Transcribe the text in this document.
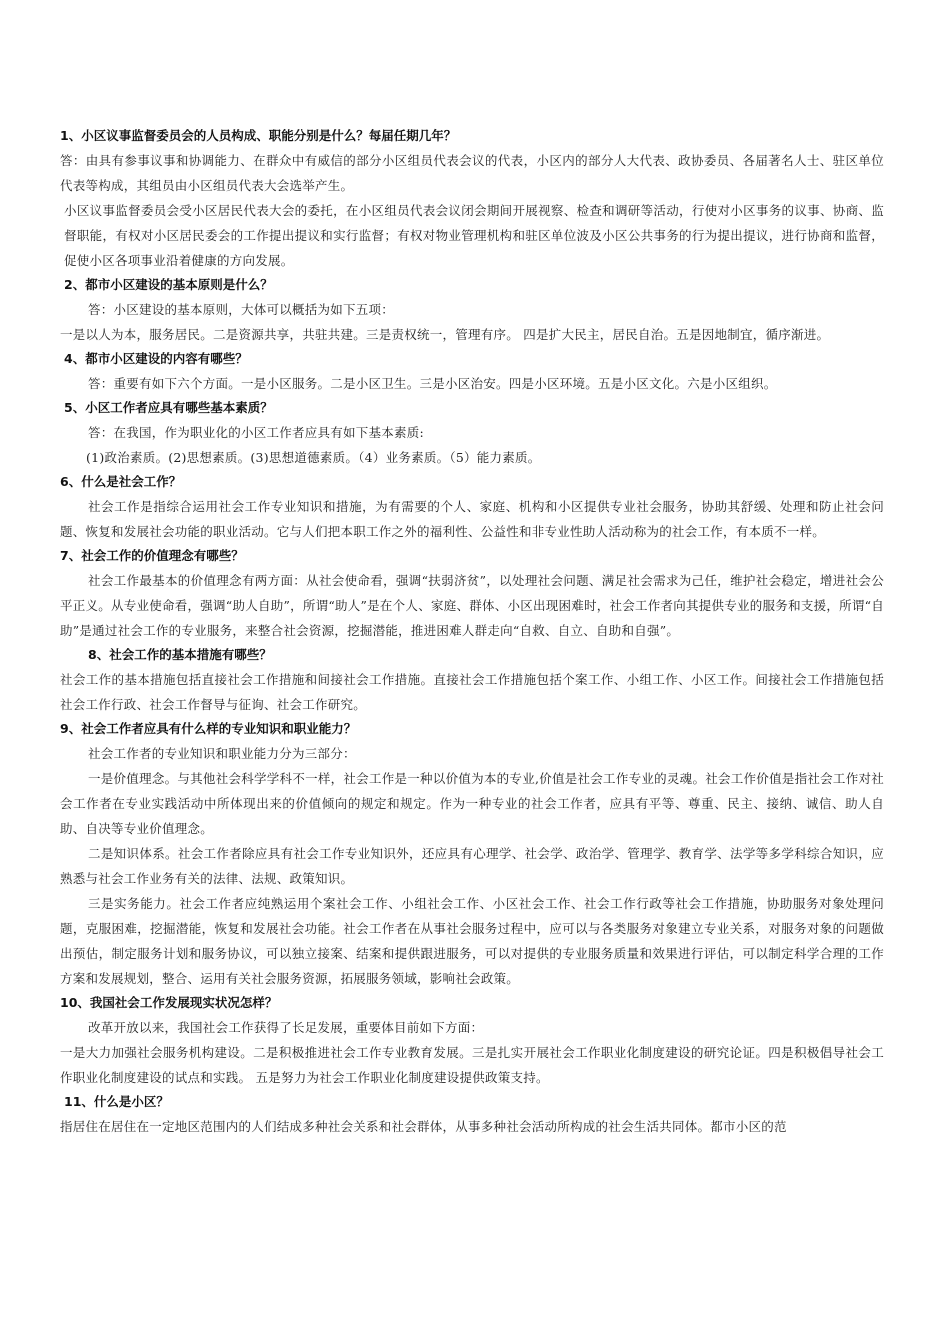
1、小区议事监督委员会的人员构成、职能分别是什么？每届任期几年？
答：由具有参事议事和协调能力、在群众中有威信的部分小区组员代表会议的代表，小区内的部分人大代表、政协委员、各届著名人士、驻区单位代表等构成，其组员由小区组员代表大会选举产生。
小区议事监督委员会受小区居民代表大会的委托，在小区组员代表会议闭会期间开展视察、检查和调研等活动，行使对小区事务的议事、协商、监督职能，有权对小区居民委会的工作提出提议和实行监督；有权对物业管理机构和驻区单位波及小区公共事务的行为提出提议，进行协商和监督，促使小区各项事业沿着健康的方向发展。
2、都市小区建设的基本原则是什么？
答：小区建设的基本原则，大体可以概括为如下五项：
一是以人为本，服务居民。二是资源共享，共驻共建。三是责权统一，管理有序。 四是扩大民主，居民自治。五是因地制宜，循序渐进。
4、都市小区建设的内容有哪些？
答：重要有如下六个方面。一是小区服务。二是小区卫生。三是小区治安。四是小区环境。五是小区文化。六是小区组织。
5、小区工作者应具有哪些基本素质？
答：在我国，作为职业化的小区工作者应具有如下基本素质:
(1)政治素质。(2)思想素质。(3)思想道德素质。（4）业务素质。（5）能力素质。
6、什么是社会工作？
社会工作是指综合运用社会工作专业知识和措施，为有需要的个人、家庭、机构和小区提供专业社会服务，协助其舒缓、处理和防止社会问题、恢复和发展社会功能的职业活动。它与人们把本职工作之外的福利性、公益性和非专业性助人活动称为的社会工作，有本质不一样。
7、社会工作的价值理念有哪些？
社会工作最基本的价值理念有两方面：从社会使命看，强调“扶弱济贫”，以处理社会问题、满足社会需求为己任，维护社会稳定，增进社会公平正义。从专业使命看，强调“助人自助”，所谓“助人”是在个人、家庭、群体、小区出现困难时，社会工作者向其提供专业的服务和支援，所谓“自助”是通过社会工作的专业服务，来整合社会资源，挖掘潜能，推进困难人群走向“自救、自立、自助和自强”。
8、社会工作的基本措施有哪些？
社会工作的基本措施包括直接社会工作措施和间接社会工作措施。直接社会工作措施包括个案工作、小组工作、小区工作。间接社会工作措施包括社会工作行政、社会工作督导与征询、社会工作研究。
9、社会工作者应具有什么样的专业知识和职业能力？
社会工作者的专业知识和职业能力分为三部分：
一是价值理念。与其他社会科学学科不一样，社会工作是一种以价值为本的专业,价值是社会工作专业的灵魂。社会工作价值是指社会工作对社会工作者在专业实践活动中所体现出来的价值倾向的规定和规定。作为一种专业的社会工作者，应具有平等、尊重、民主、接纳、诚信、助人自助、自决等专业价值理念。
二是知识体系。社会工作者除应具有社会工作专业知识外，还应具有心理学、社会学、政治学、管理学、教育学、法学等多学科综合知识，应熟悉与社会工作业务有关的法律、法规、政策知识。
三是实务能力。社会工作者应纯熟运用个案社会工作、小组社会工作、小区社会工作、社会工作行政等社会工作措施，协助服务对象处理问题，克服困难，挖掘潜能，恢复和发展社会功能。社会工作者在从事社会服务过程中，应可以与各类服务对象建立专业关系，对服务对象的问题做出预估，制定服务计划和服务协议，可以独立接案、结案和提供跟进服务，可以对提供的专业服务质量和效果进行评估，可以制定科学合理的工作方案和发展规划，整合、运用有关社会服务资源，拓展服务领域，影响社会政策。
10、我国社会工作发展现实状况怎样？
改革开放以来，我国社会工作获得了长足发展，重要体目前如下方面：
一是大力加强社会服务机构建设。二是积极推进社会工作专业教育发展。三是扎实开展社会工作职业化制度建设的研究论证。四是积极倡导社会工作职业化制度建设的试点和实践。 五是努力为社会工作职业化制度建设提供政策支持。
11、什么是小区？
指居住在居住在一定地区范围内的人们结成多种社会关系和社会群体，从事多种社会活动所构成的社会生活共同体。都市小区的范
